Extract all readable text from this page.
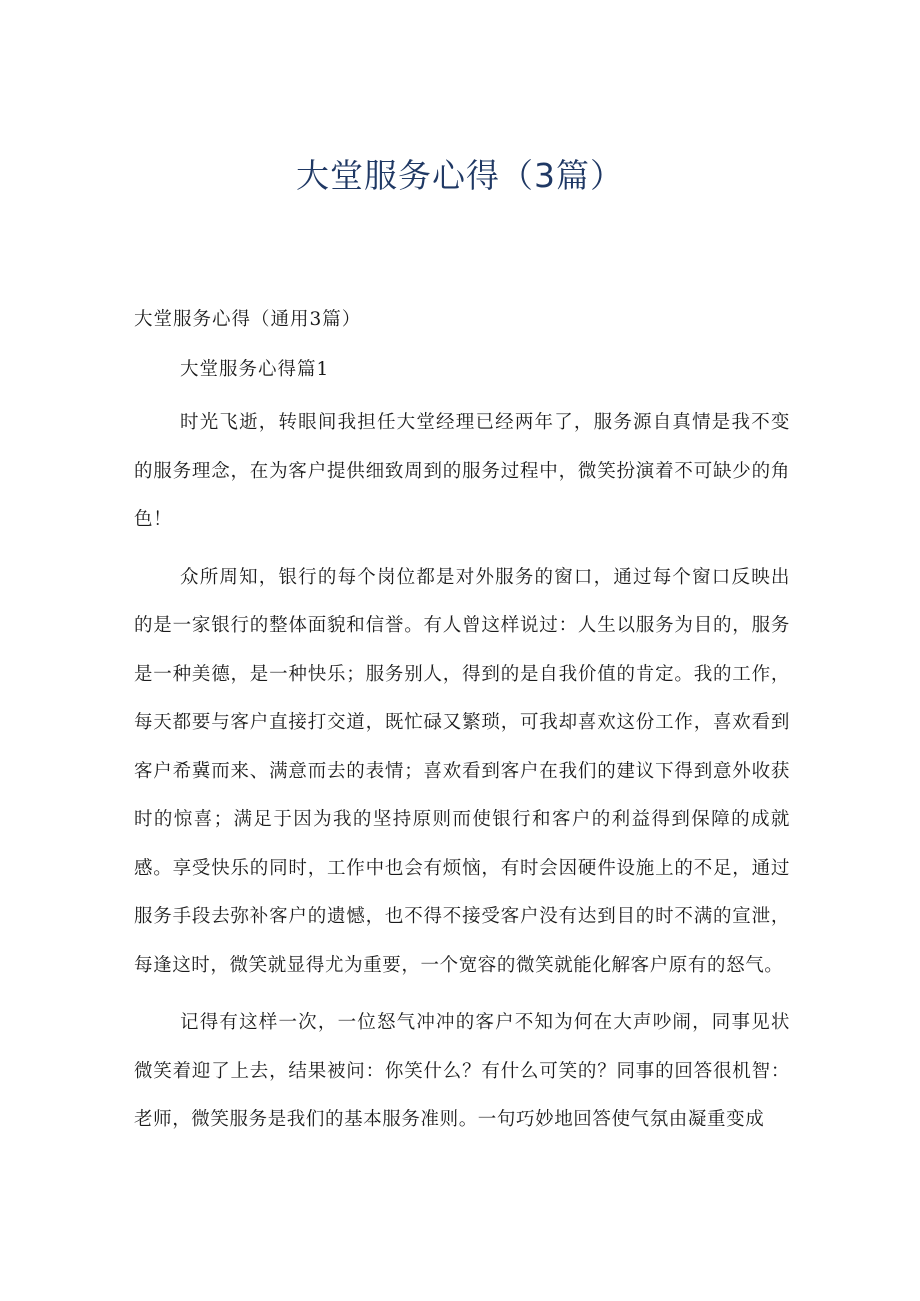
大堂服务心得（3篇）

大堂服务心得（通用3篇）

大堂服务心得篇1

时光飞逝，转眼间我担任大堂经理已经两年了，服务源自真情是我不变的服务理念，在为客户提供细致周到的服务过程中，微笑扮演着不可缺少的角色！

众所周知，银行的每个岗位都是对外服务的窗口，通过每个窗口反映出的是一家银行的整体面貌和信誉。有人曾这样说过：人生以服务为目的，服务是一种美德，是一种快乐；服务别人，得到的是自我价值的肯定。我的工作，每天都要与客户直接打交道，既忙碌又繁琐，可我却喜欢这份工作，喜欢看到客户希冀而来、满意而去的表情；喜欢看到客户在我们的建议下得到意外收获时的惊喜；满足于因为我的坚持原则而使银行和客户的利益得到保障的成就感。享受快乐的同时，工作中也会有烦恼，有时会因硬件设施上的不足，通过服务手段去弥补客户的遗憾，也不得不接受客户没有达到目的时不满的宣泄，每逢这时，微笑就显得尤为重要，一个宽容的微笑就能化解客户原有的怒气。

记得有这样一次，一位怒气冲冲的客户不知为何在大声吵闹，同事见状微笑着迎了上去，结果被问：你笑什么？有什么可笑的？同事的回答很机智：老师，微笑服务是我们的基本服务准则。一句巧妙地回答使气氛由凝重变成
